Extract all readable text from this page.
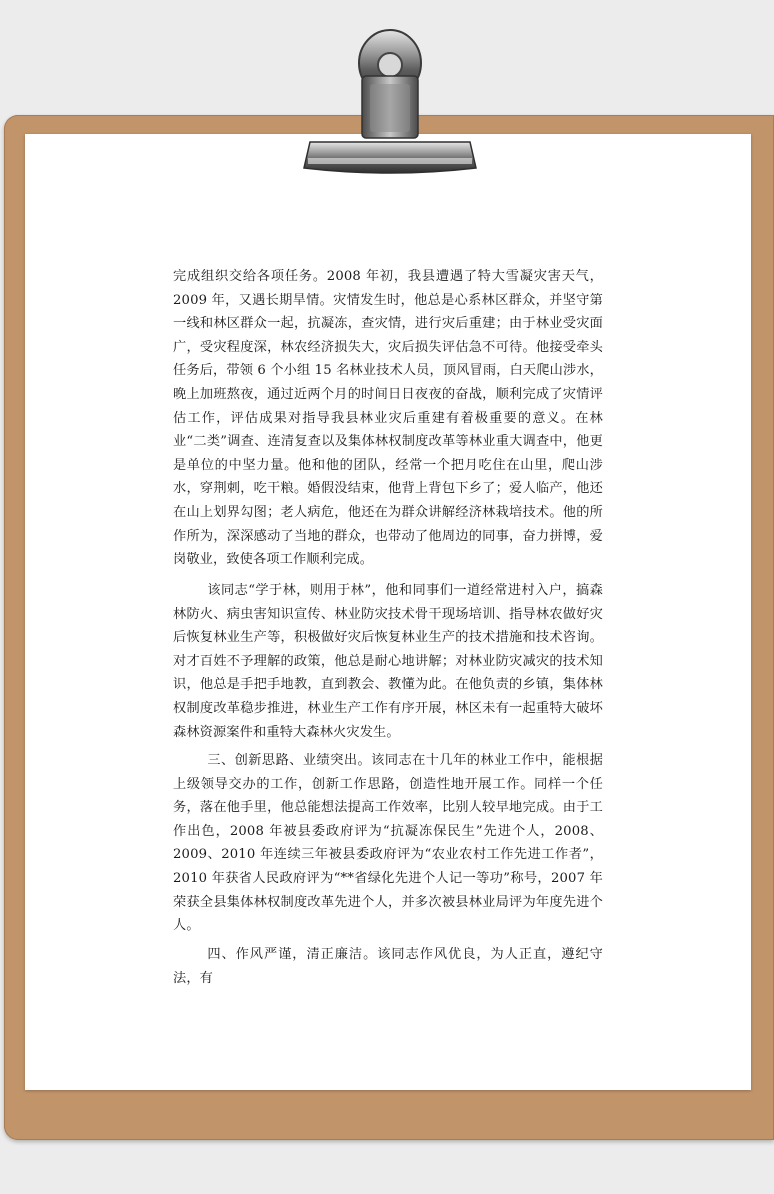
完成组织交给各项任务。2008 年初，我县遭遇了特大雪凝灾害天气，2009 年，又遇长期旱情。灾情发生时，他总是心系林区群众，并坚守第一线和林区群众一起，抗凝冻，查灾情，进行灾后重建；由于林业受灾面广，受灾程度深，林农经济损失大，灾后损失评估急不可待。他接受牵头任务后，带领 6 个小组 15 名林业技术人员，顶风冒雨，白天爬山涉水，晚上加班熬夜，通过近两个月的时间日日夜夜的奋战，顺利完成了灾情评估工作，评估成果对指导我县林业灾后重建有着极重要的意义。在林业“二类”调查、连清复查以及集体林权制度改革等林业重大调查中，他更是单位的中坚力量。他和他的团队，经常一个把月吃住在山里，爬山涉水，穿荆刺，吃干粮。婚假没结束，他背上背包下乡了；爱人临产，他还在山上划界勾图；老人病危，他还在为群众讲解经济林栽培技术。他的所作所为，深深感动了当地的群众，也带动了他周边的同事，奋力拼博，爱岗敬业，致使各项工作顺利完成。

该同志“学于林，则用于林”，他和同事们一道经常进村入户，搞森林防火、病虫害知识宣传、林业防灾技术骨干现场培训、指导林农做好灾后恢复林业生产等，积极做好灾后恢复林业生产的技术措施和技术咨询。对才百姓不予理解的政策，他总是耐心地讲解；对林业防灾减灾的技术知识，他总是手把手地教，直到教会、教懂为此。在他负责的乡镇，集体林权制度改革稳步推进，林业生产工作有序开展，林区未有一起重特大破坏森林资源案件和重特大森林火灾发生。

三、创新思路、业绩突出。该同志在十几年的林业工作中，能根据上级领导交办的工作，创新工作思路，创造性地开展工作。同样一个任务，落在他手里，他总能想法提高工作效率，比别人较早地完成。由于工作出色，2008 年被县委政府评为“抗凝冻保民生”先进个人，2008、2009、2010 年连续三年被县委政府评为“农业农村工作先进工作者”，2010 年获省人民政府评为“**省绿化先进个人记一等功”称号，2007 年荣获全县集体林权制度改革先进个人，并多次被县林业局评为年度先进个人。

四、作风严谨，清正廉洁。该同志作风优良，为人正直，遵纪守法，有
